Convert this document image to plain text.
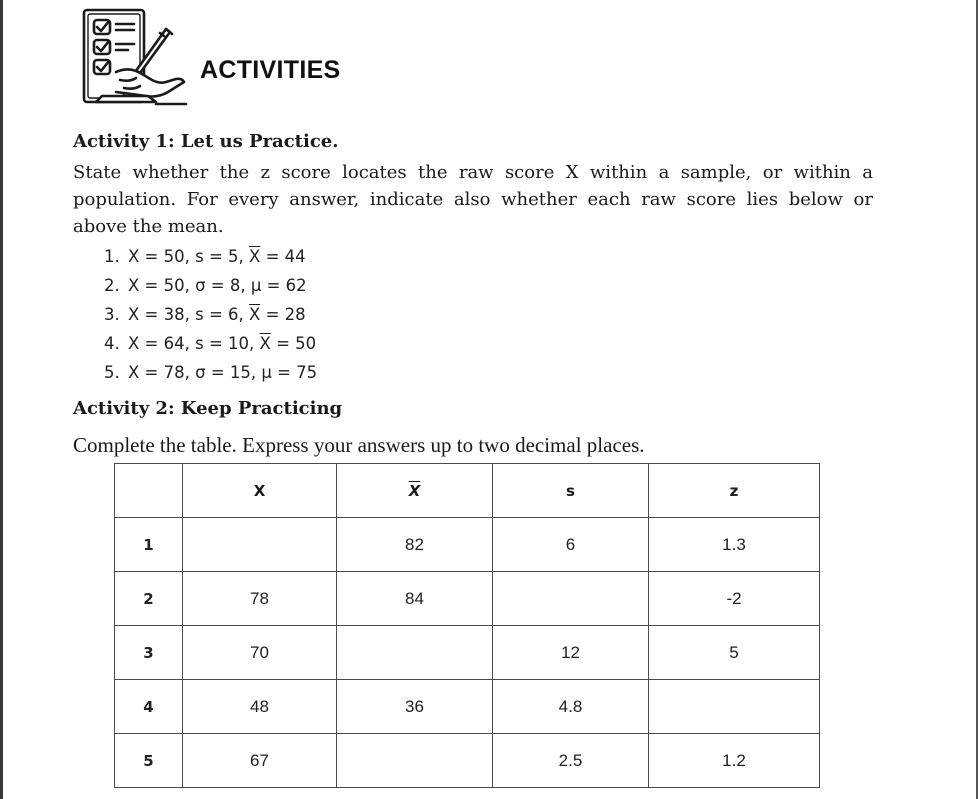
ACTIVITIES
Activity 1: Let us Practice.

State whether the z score locates the raw score X within a sample, or within a population. For every answer, indicate also whether each raw score lies below or above the mean.

1. X = 50, s = 5, $\overline{X} = 44$
2. X = 50, σ = 8, μ = 62
3. X = 38, s = 6, $\overline{X} = 28$
4. X = 64, s = 10, $\overline{X} = 50$
5. X = 78, σ = 15, μ = 75
Activity 2: Keep Practicing
Complete the table. Express your answers up to two decimal places.
	X	$\overline{X}$	s	z
1		82	6	1.3
2	78	84		-2
3	70		12	5
4	48	36	4.8	
5	67		2.5	1.2
